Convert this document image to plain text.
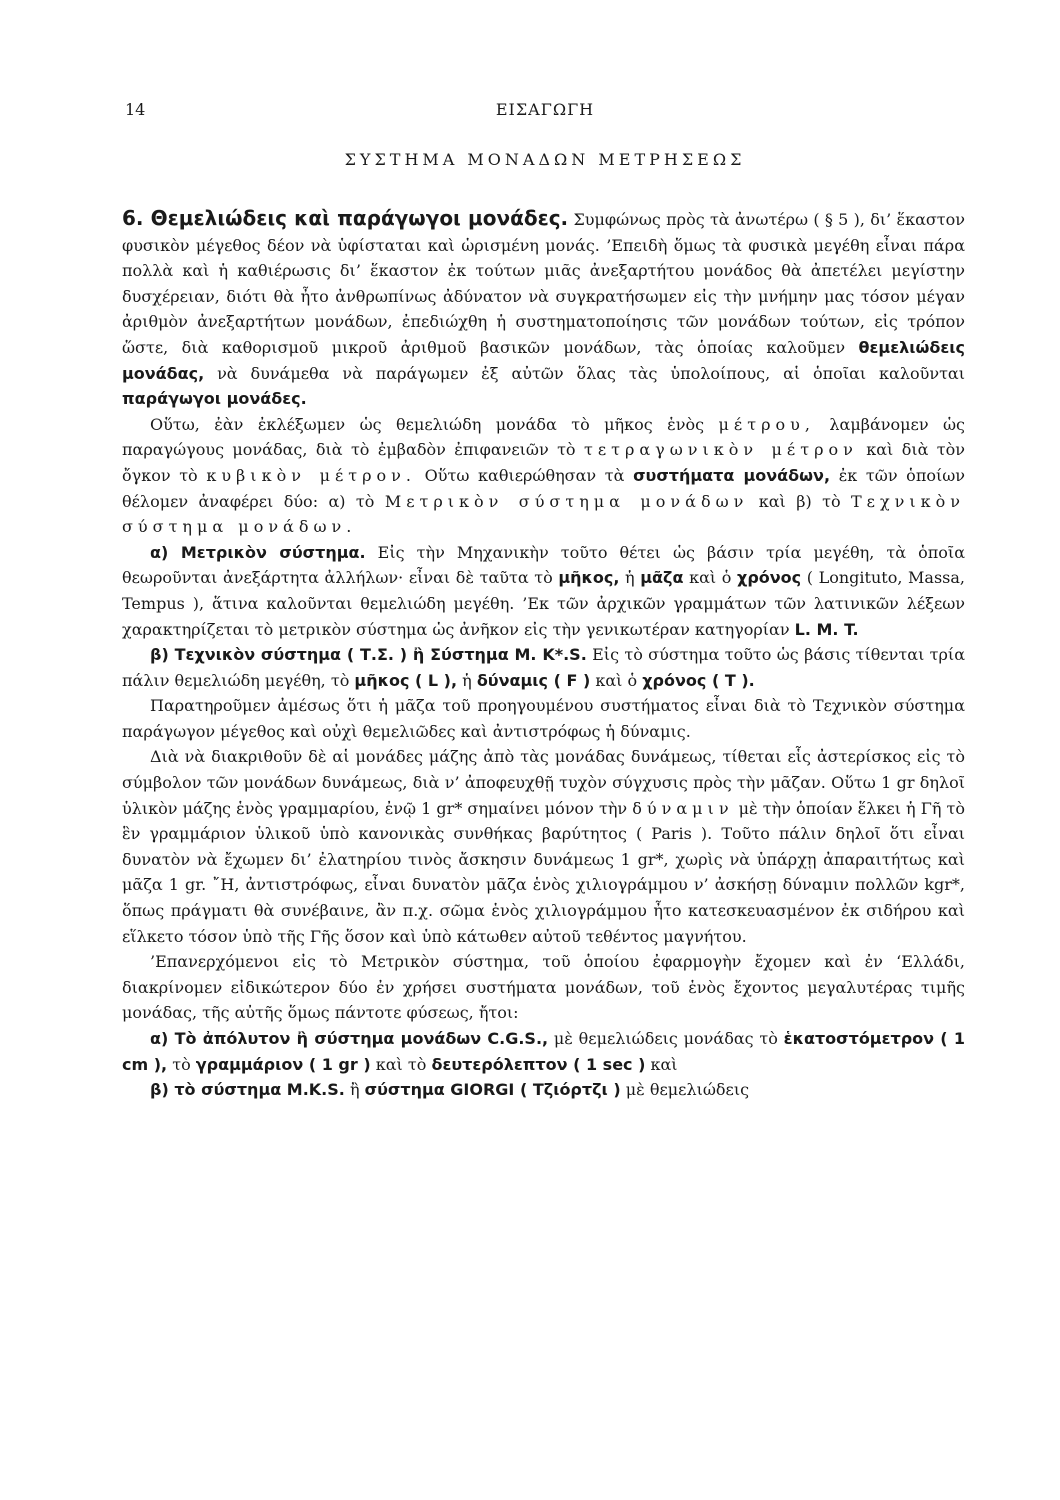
14	ΕΙΣΑΓΩΓΗ
ΣΥΣΤΗΜΑ ΜΟΝΑΔΩΝ ΜΕΤΡΗΣΕΩΣ

6. Θεμελιώδεις καὶ παράγωγοι μονάδες. Συμφώνως πρὸς τὰ ἀνωτέρω ( § 5 ), δι’ ἕκαστον φυσικὸν μέγεθος δέον νὰ ὑφίσταται καὶ ὡρισμένη μονάς. ’Επειδὴ ὅμως τὰ φυσικὰ μεγέθη εἶναι πάρα πολλὰ καὶ ἡ καθιέρωσις δι’ ἕκαστον ἐκ τούτων μιᾶς ἀνεξαρτήτου μονάδος θὰ ἀπετέλει μεγίστην δυσχέρειαν, διότι θὰ ἦτο ἀνθρωπίνως ἀδύνατον νὰ συγκρατήσωμεν εἰς τὴν μνήμην μας τόσον μέγαν ἀριθμὸν ἀνεξαρτήτων μονάδων, ἐπεδιώχθη ἡ συστηματοποίησις τῶν μονάδων τούτων, εἰς τρόπον ὥστε, διὰ καθορισμοῦ μικροῦ ἀριθμοῦ βασικῶν μονάδων, τὰς ὁποίας καλοῦμεν θεμελιώδεις μονάδας, νὰ δυνάμεθα νὰ παράγωμεν ἐξ αὐτῶν ὅλας τὰς ὑπολοίπους, αἱ ὁποῖαι καλοῦνται παράγωγοι μονάδες.

Οὕτω, ἐὰν ἐκλέξωμεν ὡς θεμελιώδη μονάδα τὸ μῆκος ἑνὸς μέτρου, λαμβάνομεν ὡς παραγώγους μονάδας, διὰ τὸ ἐμβαδὸν ἐπιφανειῶν τὸ τετραγωνικὸν μέτρον καὶ διὰ τὸν ὄγκον τὸ κυβικὸν μέτρον. Οὕτω καθιερώθησαν τὰ συστήματα μονάδων, ἐκ τῶν ὁποίων θέλομεν ἀναφέρει δύο: α) τὸ Μετρικὸν σύστημα μονάδων καὶ β) τὸ Τεχνικὸν σύστημα μονάδων.

α) Μετρικὸν σύστημα. Εἰς τὴν Μηχανικὴν τοῦτο θέτει ὡς βάσιν τρία μεγέθη, τὰ ὁποῖα θεωροῦνται ἀνεξάρτητα ἀλλήλων· εἶναι δὲ ταῦτα τὸ μῆκος, ἡ μᾶζα καὶ ὁ χρόνος ( Longituto, Massa, Tempus ), ἅτινα καλοῦνται θεμελιώδη μεγέθη. ’Εκ τῶν ἀρχικῶν γραμμάτων τῶν λατινικῶν λέξεων χαρακτηρίζεται τὸ μετρικὸν σύστημα ὡς ἀνῆκον εἰς τὴν γενικωτέραν κατηγορίαν L. M. T.

β) Τεχνικὸν σύστημα ( Τ.Σ. ) ἢ Σύστημα M. K*.S. Εἰς τὸ σύστημα τοῦτο ὡς βάσις τίθενται τρία πάλιν θεμελιώδη μεγέθη, τὸ μῆκος ( L ), ἡ δύναμις ( F ) καὶ ὁ χρόνος ( T ).

Παρατηροῦμεν ἀμέσως ὅτι ἡ μᾶζα τοῦ προηγουμένου συστήματος εἶναι διὰ τὸ Τεχνικὸν σύστημα παράγωγον μέγεθος καὶ οὐχὶ θεμελιῶδες καὶ ἀντιστρόφως ἡ δύναμις.

Διὰ νὰ διακριθοῦν δὲ αἱ μονάδες μάζης ἀπὸ τὰς μονάδας δυνάμεως, τίθεται εἷς ἀστερίσκος εἰς τὸ σύμβολον τῶν μονάδων δυνάμεως, διὰ ν’ ἀποφευχθῇ τυχὸν σύγχυσις πρὸς τὴν μᾶζαν. Οὕτω 1 gr δηλοῖ ὑλικὸν μάζης ἑνὸς γραμμαρίου, ἐνῷ 1 gr* σημαίνει μόνον τὴν δύναμιν μὲ τὴν ὁποίαν ἕλκει ἡ Γῆ τὸ ἓν γραμμάριον ὑλικοῦ ὑπὸ κανονικὰς συνθήκας βαρύτητος ( Paris ). Τοῦτο πάλιν δηλοῖ ὅτι εἶναι δυνατὸν νὰ ἔχωμεν δι’ ἐλατηρίου τινὸς ἄσκησιν δυνάμεως 1 gr*, χωρὶς νὰ ὑπάρχῃ ἀπαραιτήτως καὶ μᾶζα 1 gr. ῎Η, ἀντιστρόφως, εἶναι δυνατὸν μᾶζα ἑνὸς χιλιογράμμου ν’ ἀσκήσῃ δύναμιν πολλῶν kgr*, ὅπως πράγματι θὰ συνέβαινε, ἂν π.χ. σῶμα ἑνὸς χιλιογράμμου ἦτο κατεσκευασμένον ἐκ σιδήρου καὶ εἵλκετο τόσον ὑπὸ τῆς Γῆς ὅσον καὶ ὑπὸ κάτωθεν αὐτοῦ τεθέντος μαγνήτου.

’Επανερχόμενοι εἰς τὸ Μετρικὸν σύστημα, τοῦ ὁποίου ἐφαρμογὴν ἔχομεν καὶ ἐν ‘Ελλάδι, διακρίνομεν εἰδικώτερον δύο ἐν χρήσει συστήματα μονάδων, τοῦ ἑνὸς ἔχοντος μεγαλυτέρας τιμῆς μονάδας, τῆς αὐτῆς ὅμως πάντοτε φύσεως, ἤτοι:

α) Τὸ ἀπόλυτον ἢ σύστημα μονάδων C.G.S., μὲ θεμελιώδεις μονάδας τὸ ἑκατοστόμετρον ( 1 cm ), τὸ γραμμάριον ( 1 gr ) καὶ τὸ δευτερόλεπτον ( 1 sec ) καὶ

β) τὸ σύστημα M.K.S. ἢ σύστημα GIORGI ( Τζιόρτζι ) μὲ θεμελιώδεις
